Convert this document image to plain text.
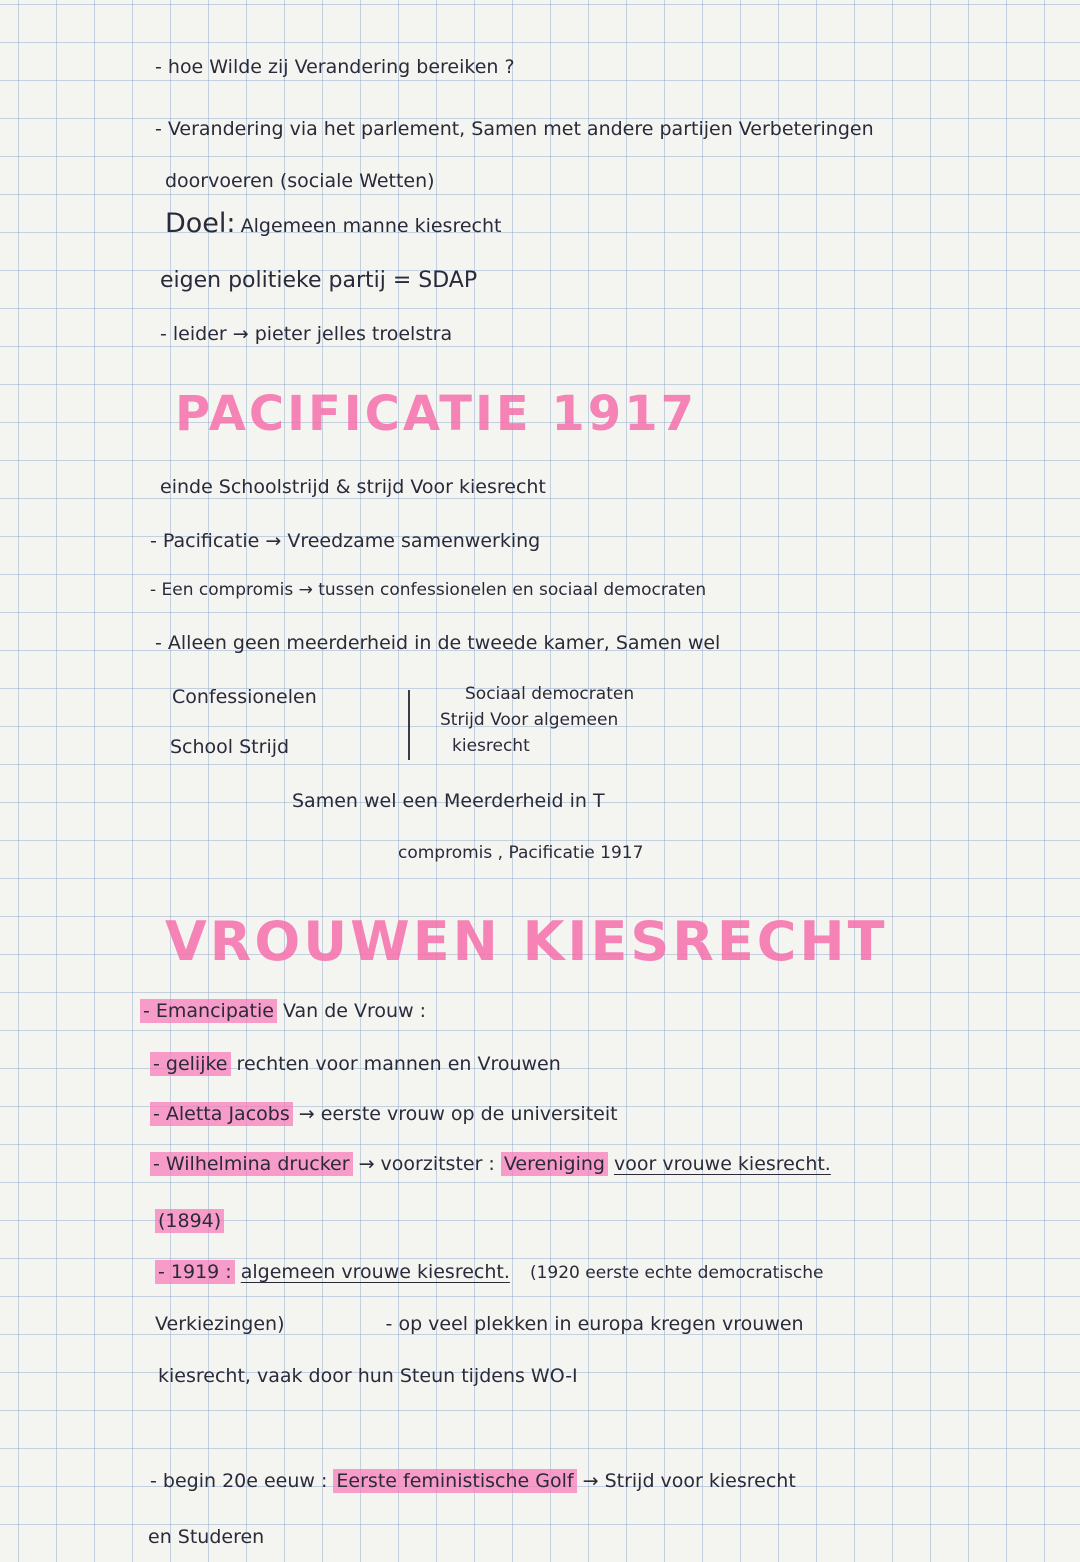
- hoe Wilde zij Verandering bereiken ?
- Verandering via het parlement, Samen met andere partijen Verbeteringen
doorvoeren (sociale Wetten)
Doel: Algemeen manne kiesrecht
eigen politieke partij = SDAP
- leider → pieter jelles troelstra
PACIFICATIE 1917
einde Schoolstrijd & strijd Voor kiesrecht
- Pacificatie → Vreedzame samenwerking
- Een compromis → tussen confessionelen en sociaal democraten
- Alleen geen meerderheid in de tweede kamer, Samen wel
Confessionelen
School Strijd
Sociaal democraten
Strijd Voor algemeen
kiesrecht
Samen wel een Meerderheid in T
compromis , Pacificatie 1917
VROUWEN KIESRECHT
- Emancipatie Van de Vrouw :
- gelijke rechten voor mannen en Vrouwen
- Aletta Jacobs → eerste vrouw op de universiteit
- Wilhelmina drucker → voorzitster : Vereniging voor vrouwe kiesrecht.
(1894)
- 1919 : algemeen vrouwe kiesrecht. (1920 eerste echte democratische
Verkiezingen)	- op veel plekken in europa kregen vrouwen
kiesrecht, vaak door hun Steun tijdens WO-I
- begin 20e eeuw : Eerste feministische Golf → Strijd voor kiesrecht
en Studeren
